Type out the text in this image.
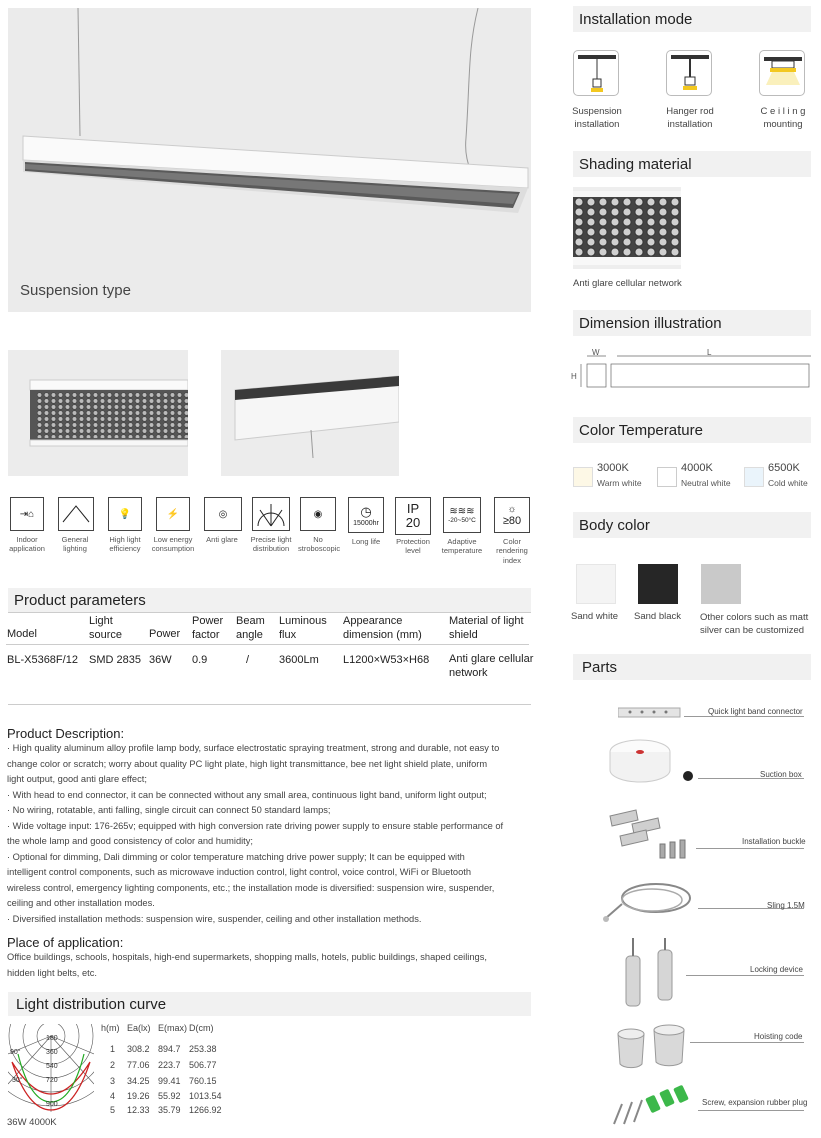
Suspension type
⇥⌂
Indoor application
General lighting
💡
High light efficiency
⚡
Low energy consumption
◎
Anti glare	Precise light distribution
◉
No stroboscopic
◷
15000hr
Long life
IP 20
Protection level
≋≋≋
-20~50°C
Adaptive temperature
☼
≥80
Color rendering index
Product parameters
Model
Light source	Power
Power factor
Beam angle
Luminous flux
Appearance dimension (mm)
Material of light shield
BL-X5368F/12 SMD 2835 36W 0.9	/	3600Lm L1200×W53×H68 Anti glare cellular network
Product Description:

· High quality aluminum alloy profile lamp body, surface electrostatic spraying treatment, strong and durable, not easy to

change color or scratch; worry about quality PC light plate, high light transmittance, bee net light shield plate, uniform

light output, good anti glare effect;

· With head to end connector, it can be connected without any small area, continuous light band, uniform light output;

· No wiring, rotatable, anti falling, single circuit can connect 50 standard lamps;

· Wide voltage input: 176-265v; equipped with high conversion rate driving power supply to ensure stable performance of

the whole lamp and good consistency of color and humidity;

· Optional for dimming, Dali dimming or color temperature matching drive power supply; It can be equipped with

intelligent control components, such as microwave induction control, light control, voice control, WiFi or Bluetooth

wireless control, emergency lighting components, etc.; the installation mode is diversified: suspension wire, suspender,

ceiling and other installation modes.

· Diversified installation methods: suspension wire, suspender, ceiling and other installation methods.

Place of application:

Office buildings, schools, hospitals, high-end supermarkets, shopping malls, hotels, public buildings, shaped ceilings,

hidden light belts, etc.

Light distribution curve
180
360
540
720
900
90°
30°
36W 4000K
h(m) Ea(lx) E(max) D(cm)
1 308.2 894.7 253.38
2 77.06 223.7 506.77
3 34.25 99.41 760.15
4 19.26 55.92 1013.54
5 12.33 35.79 1266.92
Installation mode
Suspension
installation
Hanger rod
installation
C e i l i n g
mounting
Shading material
Anti glare cellular network
Dimension illustration
W	L
H
Color Temperature
3000K
Warm white
4000K
Neutral white
6500K
Cold white
Body color
Sand white Sand black Other colors such as matt
silver can be customized
Parts
Quick light band connector
Suction box
Installation buckle
Sling 1.5M
Locking device
Hoisting code
Screw, expansion rubber plug
